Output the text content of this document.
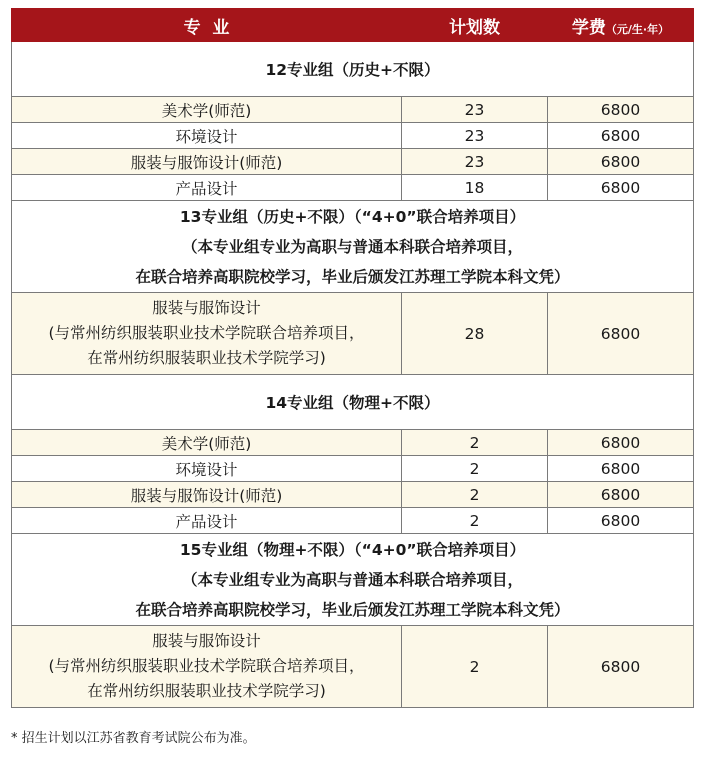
专  业	计划数	学费（元/生·年）
12专业组（历史+不限）		
美术学(师范)	23	6800
环境设计	23	6800
服装与服饰设计(师范)	23	6800
产品设计	18	6800

13专业组（历史+不限）（“4+0”联合培养项目）
（本专业组专业为高职与普通本科联合培养项目，
在联合培养高职院校学习，毕业后颁发江苏理工学院本科文凭）		

服装与服饰设计
(与常州纺织服装职业技术学院联合培养项目，
在常州纺织服装职业技术学院学习)	28	6800
14专业组（物理+不限）		
美术学(师范)	2	6800
环境设计	2	6800
服装与服饰设计(师范)	2	6800
产品设计	2	6800

15专业组（物理+不限）（“4+0”联合培养项目）
（本专业组专业为高职与普通本科联合培养项目，
在联合培养高职院校学习，毕业后颁发江苏理工学院本科文凭）		

服装与服饰设计
(与常州纺织服装职业技术学院联合培养项目，
在常州纺织服装职业技术学院学习)	2	6800
* 招生计划以江苏省教育考试院公布为准。
